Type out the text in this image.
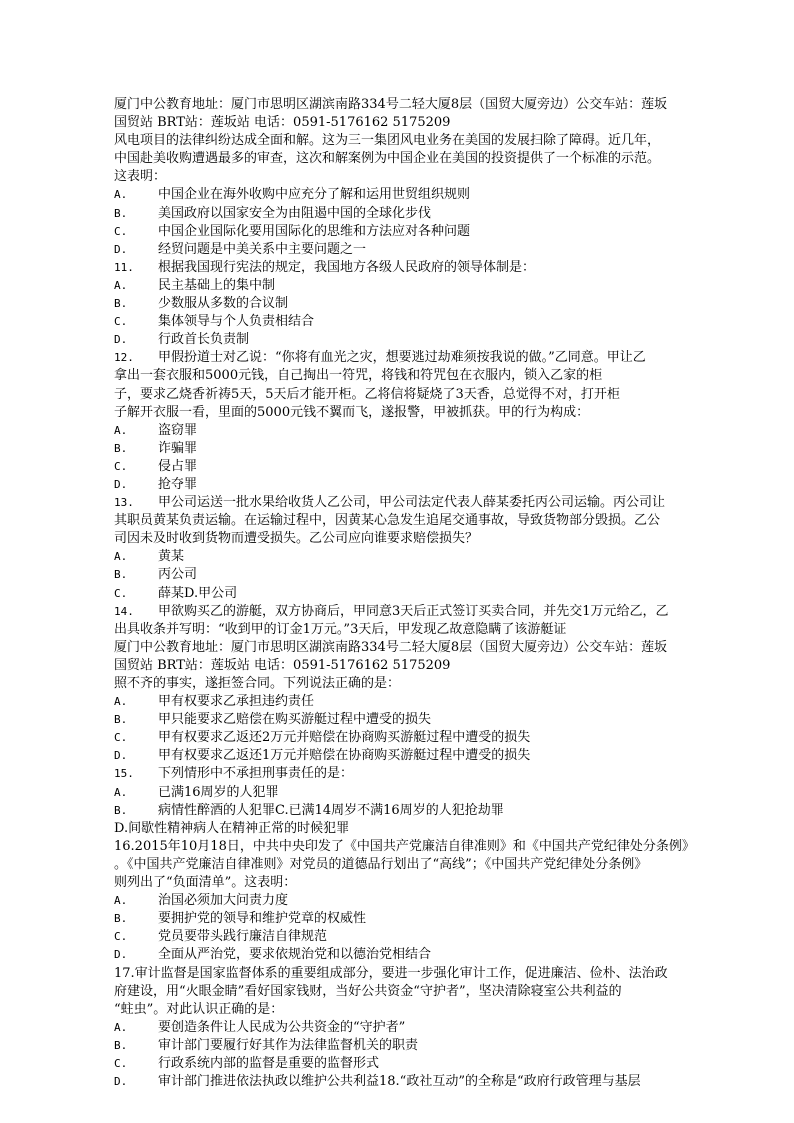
厦门中公教育地址：厦门市思明区湖滨南路334号二轻大厦8层（国贸大厦旁边）公交车站：莲坂
国贸站 BRT站：莲坂站 电话：0591-5176162 5175209
风电项目的法律纠纷达成全面和解。这为三一集团风电业务在美国的发展扫除了障碍。近几年，
中国赴美收购遭遇最多的审查，这次和解案例为中国企业在美国的投资提供了一个标准的示范。
这表明：
A.	中国企业在海外收购中应充分了解和运用世贸组织规则
B.	美国政府以国家安全为由阻遏中国的全球化步伐
C.	中国企业国际化要用国际化的思维和方法应对各种问题
D.	经贸问题是中美关系中主要问题之一
11.	根据我国现行宪法的规定，我国地方各级人民政府的领导体制是：
A.	民主基础上的集中制
B.	少数服从多数的合议制
C.	集体领导与个人负责相结合
D.	行政首长负责制
12.	甲假扮道士对乙说：“你将有血光之灾，想要逃过劫难须按我说的做。”乙同意。甲让乙
拿出一套衣服和5000元钱，自己掏出一符咒，将钱和符咒包在衣服内，锁入乙家的柜
子，要求乙烧香祈祷5天，5天后才能开柜。乙将信将疑烧了3天香，总觉得不对，打开柜
子解开衣服一看，里面的5000元钱不翼而飞，遂报警，甲被抓获。甲的行为构成：
A.	盗窃罪
B.	诈骗罪
C.	侵占罪
D.	抢夺罪
13.	甲公司运送一批水果给收货人乙公司，甲公司法定代表人薛某委托丙公司运输。丙公司让
其职员黄某负责运输。在运输过程中，因黄某心急发生追尾交通事故，导致货物部分毁损。乙公
司因未及时收到货物而遭受损失。乙公司应向谁要求赔偿损失？
A.	黄某
B.	丙公司
C.	薛某D.甲公司
14.	甲欲购买乙的游艇，双方协商后，甲同意3天后正式签订买卖合同，并先交1万元给乙，乙
出具收条并写明：“收到甲的订金1万元。”3天后，甲发现乙故意隐瞒了该游艇证
厦门中公教育地址：厦门市思明区湖滨南路334号二轻大厦8层（国贸大厦旁边）公交车站：莲坂
国贸站 BRT站：莲坂站 电话：0591-5176162 5175209
照不齐的事实，遂拒签合同。下列说法正确的是：
A.	甲有权要求乙承担违约责任
B.	甲只能要求乙赔偿在购买游艇过程中遭受的损失
C.	甲有权要求乙返还2万元并赔偿在协商购买游艇过程中遭受的损失
D.	甲有权要求乙返还1万元并赔偿在协商购买游艇过程中遭受的损失
15.	下列情形中不承担刑事责任的是：
A.	已满16周岁的人犯罪
B.	病情性醉酒的人犯罪C.已满14周岁不满16周岁的人犯抢劫罪
D.间歇性精神病人在精神正常的时候犯罪
16.2015年10月18日，中共中央印发了《中国共产党廉洁自律准则》和《中国共产党纪律处分条例》
。《中国共产党廉洁自律准则》对党员的道德品行划出了“高线”；《中国共产党纪律处分条例》
则列出了“负面清单”。这表明：
A.	治国必须加大问责力度
B.	要拥护党的领导和维护党章的权威性
C.	党员要带头践行廉洁自律规范
D.	全面从严治党，要求依规治党和以德治党相结合
17.审计监督是国家监督体系的重要组成部分，要进一步强化审计工作，促进廉洁、俭朴、法治政
府建设，用“火眼金睛”看好国家钱财，当好公共资金“守护者”，坚决清除寝室公共利益的
“蛀虫”。对此认识正确的是：
A.	要创造条件让人民成为公共资金的“守护者”
B.	审计部门要履行好其作为法律监督机关的职责
C.	行政系统内部的监督是重要的监督形式
D.	审计部门推进依法执政以维护公共利益18.“政社互动”的全称是“政府行政管理与基层
